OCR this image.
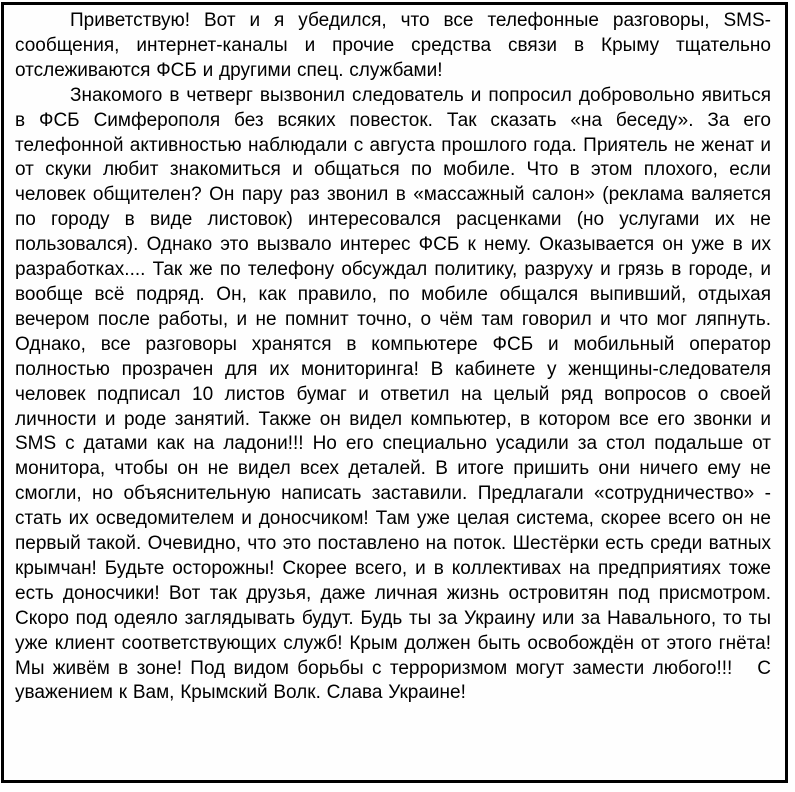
Приветствую! Вот и я убедился, что все телефонные разговоры, SMS-сообщения, интернет-каналы и прочие средства связи в Крыму тщательно отслеживаются ФСБ и другими спец. службами!

Знакомого в четверг вызвонил следователь и попросил добровольно явиться в ФСБ Симферополя без всяких повесток. Так сказать «на беседу». За его телефонной активностью наблюдали с августа прошлого года. Приятель не женат и от скуки любит знакомиться и общаться по мобиле. Что в этом плохого, если человек общителен? Он пару раз звонил в «массажный салон» (реклама валяется по городу в виде листовок) интересовался расценками (но услугами их не пользовался). Однако это вызвало интерес ФСБ к нему. Оказывается он уже в их разработках.... Так же по телефону обсуждал политику, разруху и грязь в городе, и вообще всё подряд. Он, как правило, по мобиле общался выпивший, отдыхая вечером после работы, и не помнит точно, о чём там говорил и что мог ляпнуть. Однако, все разговоры хранятся в компьютере ФСБ и мобильный оператор полностью прозрачен для их мониторинга! В кабинете у женщины-следователя человек подписал 10 листов бумаг и ответил на целый ряд вопросов о своей личности и роде занятий. Также он видел компьютер, в котором все его звонки и SMS с датами как на ладони!!! Но его специально усадили за стол подальше от монитора, чтобы он не видел всех деталей. В итоге пришить они ничего ему не смогли, но объяснительную написать заставили. Предлагали «сотрудничество» - стать их осведомителем и доносчиком! Там уже целая система, скорее всего он не первый такой. Очевидно, что это поставлено на поток. Шестёрки есть среди ватных крымчан! Будьте осторожны! Скорее всего, и в коллективах на предприятиях тоже есть доносчики! Вот так друзья, даже личная жизнь островитян под присмотром. Скоро под одеяло заглядывать будут. Будь ты за Украину или за Навального, то ты уже клиент соответствующих служб! Крым должен быть освобождён от этого гнёта! Мы живём в зоне! Под видом борьбы с терроризмом могут замести любого!!!   С уважением к Вам, Крымский Волк. Слава Украине!
